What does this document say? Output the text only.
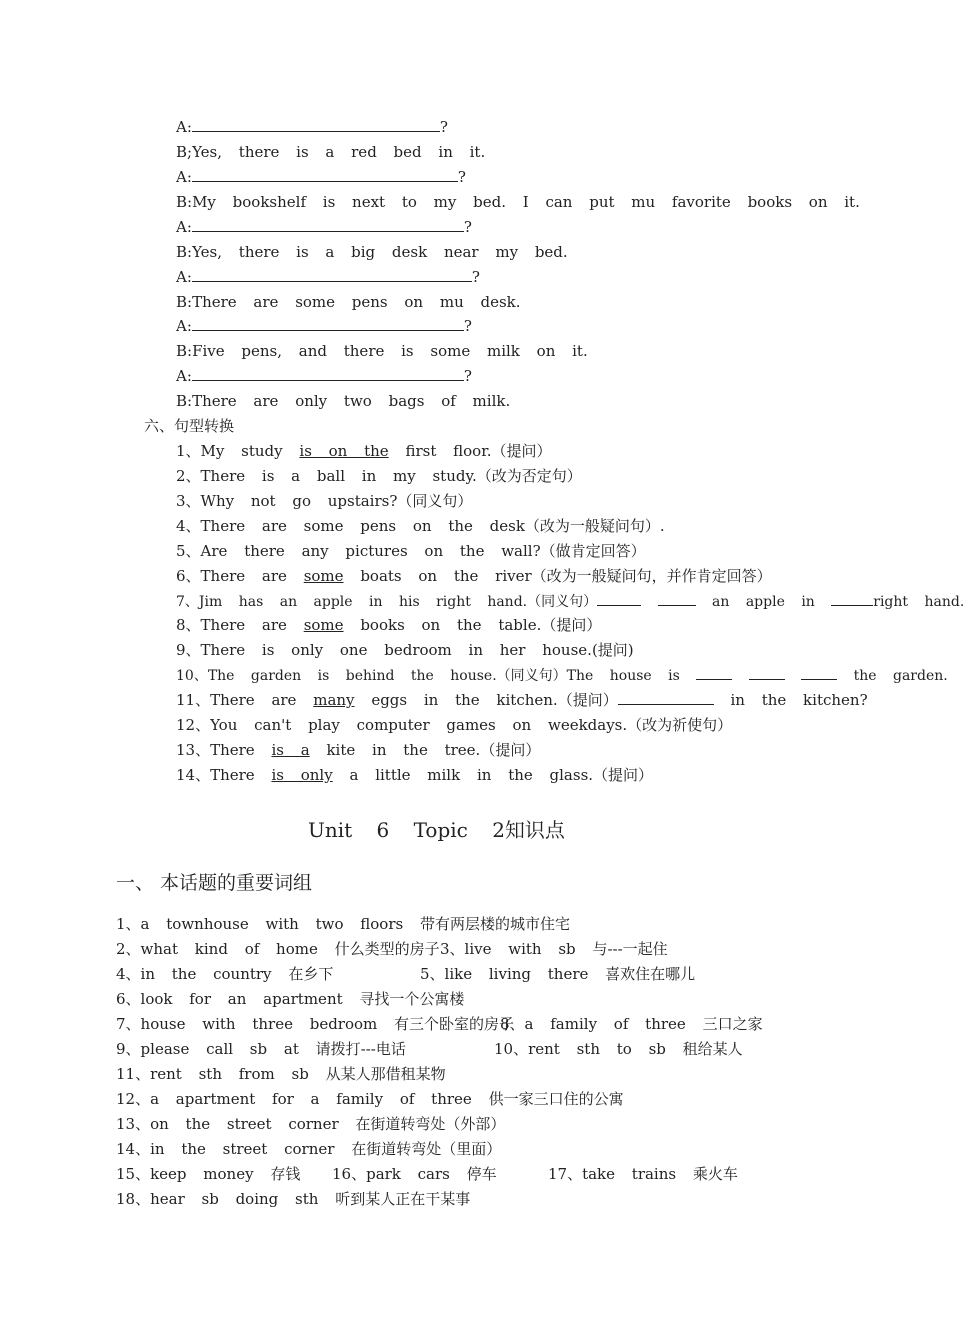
A:	?
B;Yes, there is a red bed in it.
A:	?
B:My bookshelf is next to my bed. I can put mu favorite books on it.
A:	?
B:Yes, there is a big desk near my bed.
A:	?
B:There are some pens on mu desk.
A:	?
B:Five pens, and there is some milk on it.
A:	?
B:There are only two bags of milk.
六、句型转换
1、My study is on the first floor.（提问）
2、There is a ball in my study.（改为否定句）
3、Why not go upstairs?（同义句）
4、There are some pens on the desk（改为一般疑问句）.
5、Are there any pictures on the wall?（做肯定回答）
6、There are some boats on the river（改为一般疑问句，并作肯定回答）
7、Jim has an apple in his right hand.（同义句）	an apple in	right hand.
8、There are some books on the table.（提问）
9、There is only one bedroom in her house.(提问)
10、The garden is behind the house.（同义句）The house is	the garden.
11、There are many eggs in the kitchen.（提问）	in the kitchen?
12、You can't play computer games on weekdays.（改为祈使句）
13、There is a kite in the tree.（提问）
14、There is only a little milk in the glass.（提问）
Unit 6 Topic 2知识点
一、 本话题的重要词组
1、a townhouse with two floors 带有两层楼的城市住宅
2、what kind of home 什么类型的房子 3、live with sb 与---一起住
4、in the country 在乡下	5、like living there 喜欢住在哪儿
6、look for an apartment 寻找一个公寓楼
7、house with three bedroom 有三个卧室的房子
8、a family of three 三口之家
9、please call sb at 请拨打---电话	10、rent sth to sb 租给某人
11、rent sth from sb 从某人那借租某物
12、a apartment for a family of three 供一家三口住的公寓
13、on the street corner 在街道转弯处（外部）
14、in the street corner 在街道转弯处（里面）
15、keep money 存钱 16、park cars 停车	17、take trains 乘火车
18、hear sb doing sth 听到某人正在干某事
